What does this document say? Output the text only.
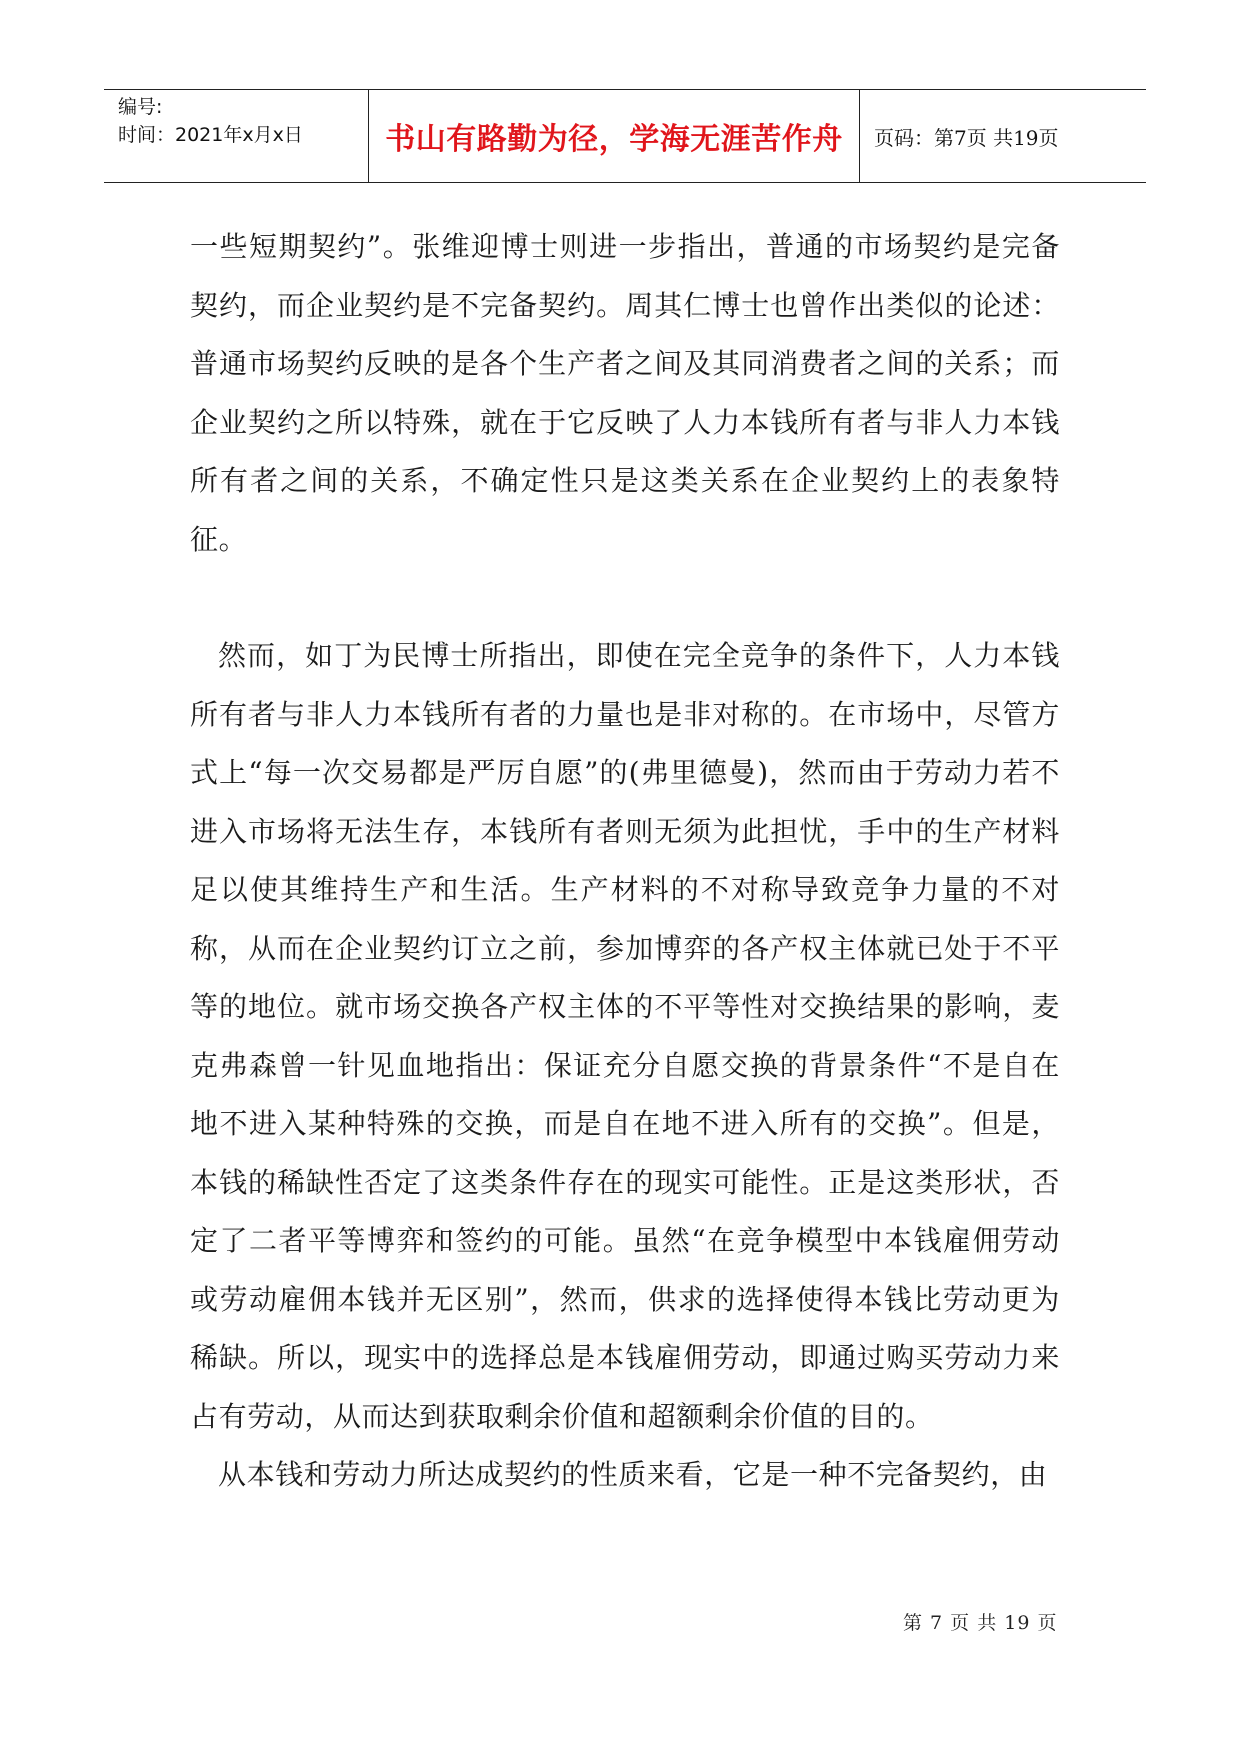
编号:
时间：2021年x月x日	书山有路勤为径，学海无涯苦作舟 页码：第7页 共19页

一些短期契约”。张维迎博士则进一步指出，普通的市场契约是完备契约，而企业契约是不完备契约。周其仁博士也曾作出类似的论述：普通市场契约反映的是各个生产者之间及其同消费者之间的关系；而企业契约之所以特殊，就在于它反映了人力本钱所有者与非人力本钱所有者之间的关系，不确定性只是这类关系在企业契约上的表象特征。

然而，如丁为民博士所指出，即使在完全竞争的条件下，人力本钱所有者与非人力本钱所有者的力量也是非对称的。在市场中，尽管方式上“每一次交易都是严厉自愿”的(弗里德曼)，然而由于劳动力若不进入市场将无法生存，本钱所有者则无须为此担忧，手中的生产材料足以使其维持生产和生活。生产材料的不对称导致竞争力量的不对称，从而在企业契约订立之前，参加博弈的各产权主体就已处于不平等的地位。就市场交换各产权主体的不平等性对交换结果的影响，麦克弗森曾一针见血地指出：保证充分自愿交换的背景条件“不是自在地不进入某种特殊的交换，而是自在地不进入所有的交换”。但是，本钱的稀缺性否定了这类条件存在的现实可能性。正是这类形状，否定了二者平等博弈和签约的可能。虽然“在竞争模型中本钱雇佣劳动或劳动雇佣本钱并无区别”，然而，供求的选择使得本钱比劳动更为稀缺。所以，现实中的选择总是本钱雇佣劳动，即通过购买劳动力来占有劳动，从而达到获取剩余价值和超额剩余价值的目的。

从本钱和劳动力所达成契约的性质来看，它是一种不完备契约，由

第 7 页 共 19 页
